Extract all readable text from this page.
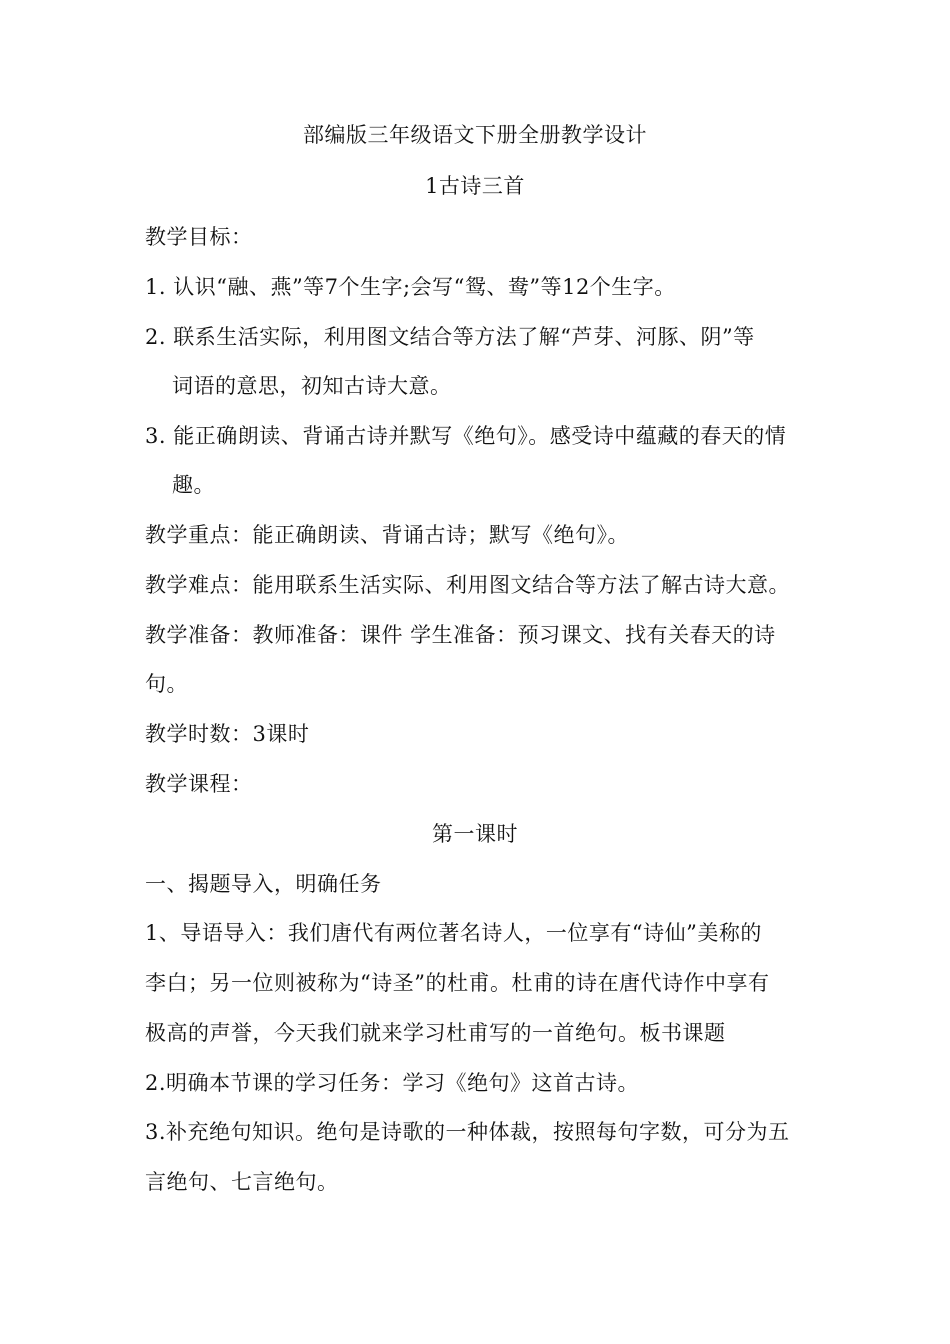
部编版三年级语文下册全册教学设计
1古诗三首
教学目标：
1. 认识“融、燕”等7个生字;会写“鸳、鸯”等12个生字。
2. 联系生活实际，利用图文结合等方法了解“芦芽、河豚、阴”等
词语的意思，初知古诗大意。
3. 能正确朗读、背诵古诗并默写《绝句》。感受诗中蕴藏的春天的情
趣。
教学重点：能正确朗读、背诵古诗；默写《绝句》。
教学难点：能用联系生活实际、利用图文结合等方法了解古诗大意。
教学准备：教师准备：课件 学生准备：预习课文、找有关春天的诗
句。
教学时数：3课时
教学课程：
第一课时
一、揭题导入，明确任务
1、导语导入：我们唐代有两位著名诗人，一位享有“诗仙”美称的
李白；另一位则被称为“诗圣”的杜甫。杜甫的诗在唐代诗作中享有
极高的声誉，今天我们就来学习杜甫写的一首绝句。板书课题
2.明确本节课的学习任务：学习《绝句》这首古诗。
3.补充绝句知识。绝句是诗歌的一种体裁，按照每句字数，可分为五
言绝句、七言绝句。
